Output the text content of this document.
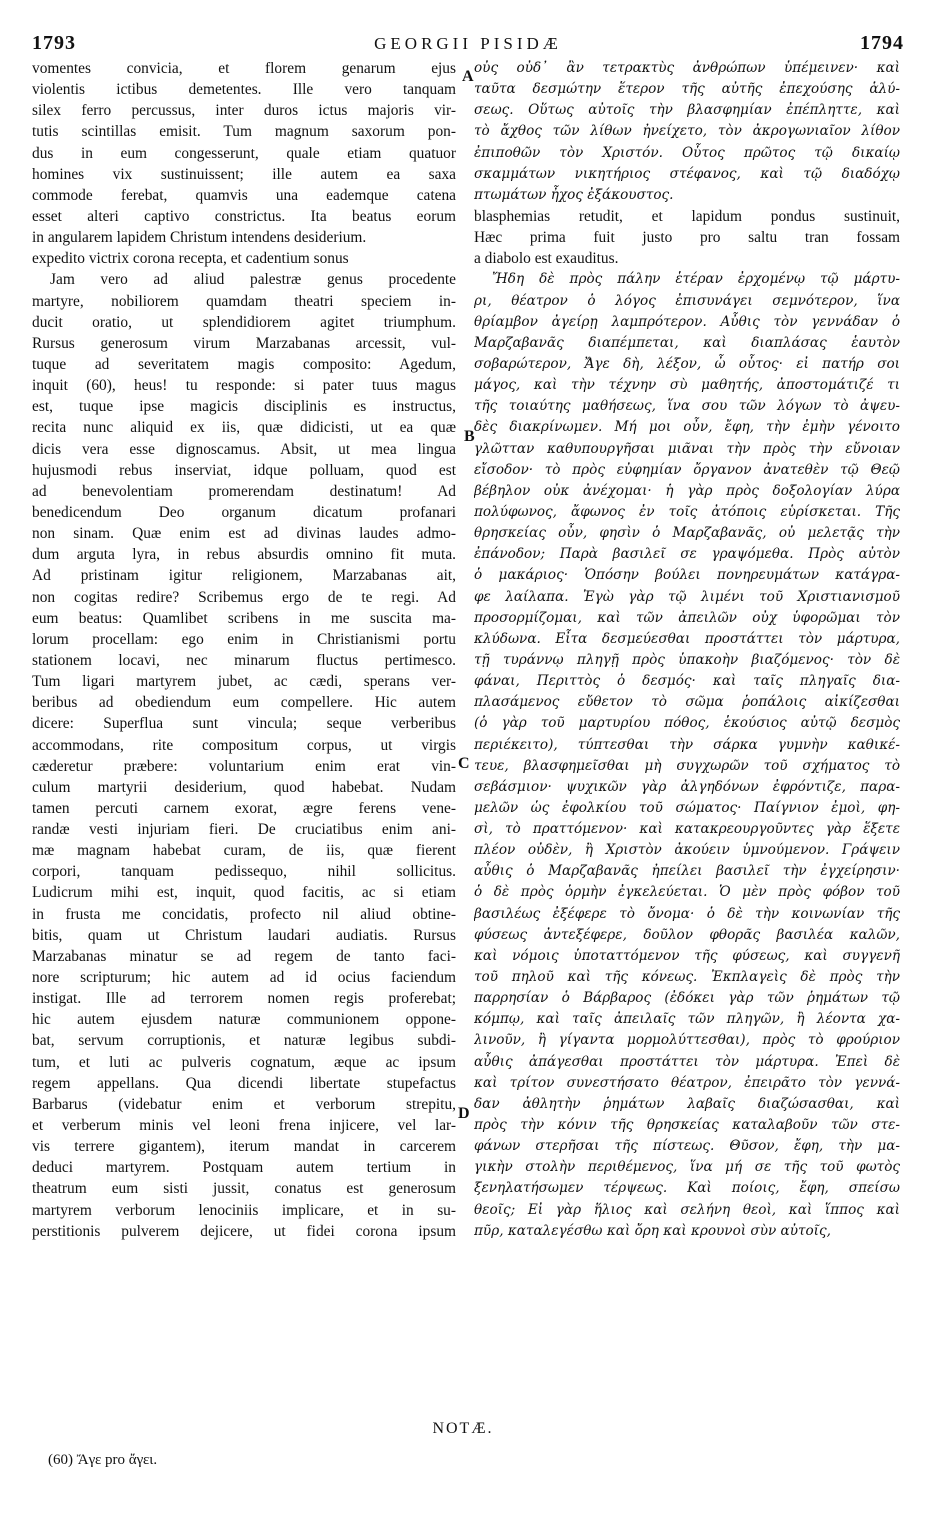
1793	GEORGII PISIDÆ	1794
vomentes convicia, et florem genarum ejus
violentis ictibus demetentes. Ille vero tanquam
silex ferro percussus, inter duros ictus majoris vir-
tutis scintillas emisit. Tum magnum saxorum pon-
dus in eum congesserunt, quale etiam quatuor
homines vix sustinuissent; ille autem ea saxa
commode ferebat, quamvis una eademque catena
esset alteri captivo constrictus. Ita beatus eorum
in angularem lapidem Christum intendens desiderium.
expedito victrix corona recepta, et cadentium sonus
Jam vero ad aliud palestræ genus procedente
martyre, nobiliorem quamdam theatri speciem in-
ducit oratio, ut splendidiorem agitet triumphum.
Rursus generosum virum Marzabanas arcessit, vul-
tuque ad severitatem magis composito: Agedum,
inquit (60), heus! tu responde: si pater tuus magus
est, tuque ipse magicis disciplinis es instructus,
recita nunc aliquid ex iis, quæ didicisti, ut ea quæ
dicis vera esse dignoscamus. Absit, ut mea lingua
hujusmodi rebus inserviat, idque polluam, quod est
ad benevolentiam promerendam destinatum! Ad
benedicendum Deo organum dicatum profanari
non sinam. Quæ enim est ad divinas laudes admo-
dum arguta lyra, in rebus absurdis omnino fit muta.
Ad pristinam igitur religionem, Marzabanas ait,
non cogitas redire? Scribemus ergo de te regi. Ad
eum beatus: Quamlibet scribens in me suscita ma-
lorum procellam: ego enim in Christianismi portu
stationem locavi, nec minarum fluctus pertimesco.
Tum ligari martyrem jubet, ac cædi, sperans ver-
beribus ad obediendum eum compellere. Hic autem
dicere: Superflua sunt vincula; seque verberibus
accommodans, rite compositum corpus, ut virgis
cæderetur præbere: voluntarium enim erat vin-
culum martyrii desiderium, quod habebat. Nudam
tamen percuti carnem exorat, ægre ferens vene-
randæ vesti injuriam fieri. De cruciatibus enim ani-
mæ magnam habebat curam, de iis, quæ fierent
corpori, tanquam pedissequo, nihil sollicitus.
Ludicrum mihi est, inquit, quod facitis, ac si etiam
in frusta me concidatis, profecto nil aliud obtine-
bitis, quam ut Christum laudari audiatis. Rursus
Marzabanas minatur se ad regem de tanto faci-
nore scripturum; hic autem ad id ocius faciendum
instigat. Ille ad terrorem nomen regis proferebat;
hic autem ejusdem naturæ communionem oppone-
bat, servum corruptionis, et naturæ legibus subdi-
tum, et luti ac pulveris cognatum, æque ac ipsum
regem appellans. Qua dicendi libertate stupefactus
Barbarus (videbatur enim et verborum strepitu,
et verberum minis vel leoni frena injicere, vel lar-
vis terrere gigantem), iterum mandat in carcerem
deduci martyrem. Postquam autem tertium in
theatrum eum sisti jussit, conatus est generosum
martyrem verborum lenociniis implicare, et in su-
perstitionis pulverem dejicere, ut fidei corona ipsum
οὐς οὐδ᾽ ἂν τετρακτὺς ἀνθρώπων ὑπέμεινεν· καὶ
ταῦτα δεσμώτην ἕτερον τῆς αὐτῆς ἐπεχούσης ἁλύ-
σεως. Οὕτως αὐτοῖς τὴν βλασφημίαν ἐπέπληττε, καὶ
τὸ ἄχθος τῶν λίθων ἠνείχετο, τὸν ἀκρογωνιαῖον λίθον
ἐπιποθῶν τὸν Χριστόν. Οὗτος πρῶτος τῷ δικαίῳ
σκαμμάτων νικητήριος στέφανος, καὶ τῷ διαδόχῳ
πτωμάτων ἦχος ἐξάκουστος.
blasphemias retudit, et lapidum pondus sustinuit,
Hæc prima fuit justo pro saltu tran fossam
a diabolo est exauditus.
Ἤδη δὲ πρὸς πάλην ἑτέραν ἐρχομένῳ τῷ μάρτυ-
ρι, θέατρον ὁ λόγος ἐπισυνάγει σεμνότερον, ἵνα
θρίαμβον ἀγείρῃ λαμπρότερον. Αὖθις τὸν γεννάδαν ὁ
Μαρζαβανᾶς διαπέμπεται, καὶ διαπλάσας ἑαυτὸν
σοβαρώτερον, Ἄγε δὴ, λέξον, ὦ οὗτος· εἰ πατήρ σοι
μάγος, καὶ τὴν τέχνην σὺ μαθητής, ἀποστομάτιζέ τι
τῆς τοιαύτης μαθήσεως, ἵνα σου τῶν λόγων τὸ ἀψευ-
δὲς διακρίνωμεν. Μή μοι οὖν, ἔφη, τὴν ἐμὴν γένοιτο
γλῶτταν καθυπουργῆσαι μιᾶναι τὴν πρὸς τὴν εὔνοιαν
εἴσοδον· τὸ πρὸς εὐφημίαν ὄργανον ἀνατεθὲν τῷ Θεῷ
βέβηλον οὐκ ἀνέχομαι· ἡ γὰρ πρὸς δοξολογίαν λύρα
πολύφωνος, ἄφωνος ἐν τοῖς ἀτόποις εὑρίσκεται. Τῆς
θρησκείας οὖν, φησὶν ὁ Μαρζαβανᾶς, οὐ μελετᾷς τὴν
ἐπάνοδον; Παρὰ βασιλεῖ σε γραψόμεθα. Πρὸς αὐτὸν
ὁ μακάριος· Ὁπόσην βούλει πονηρευμάτων κατάγρα-
φε λαίλαπα. Ἐγὼ γὰρ τῷ λιμένι τοῦ Χριστιανισμοῦ
προσορμίζομαι, καὶ τῶν ἀπειλῶν οὐχ ὑφορῶμαι τὸν
κλύδωνα. Εἶτα δεσμεύεσθαι προστάττει τὸν μάρτυρα,
τῇ τυράννῳ πληγῇ πρὸς ὑπακοὴν βιαζόμενος· τὸν δὲ
φάναι, Περιττὸς ὁ δεσμός· καὶ ταῖς πληγαῖς δια-
πλασάμενος εὔθετον τὸ σῶμα ῥοπάλοις αἰκίζεσθαι
(ὁ γὰρ τοῦ μαρτυρίου πόθος, ἑκούσιος αὐτῷ δεσμὸς
περιέκειτο), τύπτεσθαι τὴν σάρκα γυμνὴν καθικέ-
τευε, βλασφημεῖσθαι μὴ συγχωρῶν τοῦ σχήματος τὸ
σεβάσμιον· ψυχικῶν γὰρ ἀλγηδόνων ἐφρόντιζε, παρα-
μελῶν ὡς ἐφολκίου τοῦ σώματος· Παίγνιον ἐμοὶ, φη-
σὶ, τὸ πραττόμενον· καὶ κατακρεουργοῦντες γὰρ ἕξετε
πλέον οὐδὲν, ἢ Χριστὸν ἀκούειν ὑμνούμενον. Γράψειν
αὖθις ὁ Μαρζαβανᾶς ἠπείλει βασιλεῖ τὴν ἐγχείρησιν·
ὁ δὲ πρὸς ὁρμὴν ἐγκελεύεται. Ὁ μὲν πρὸς φόβον τοῦ
βασιλέως ἐξέφερε τὸ ὄνομα· ὁ δὲ τὴν κοινωνίαν τῆς
φύσεως ἀντεξέφερε, δοῦλον φθορᾶς βασιλέα καλῶν,
καὶ νόμοις ὑποταττόμενον τῆς φύσεως, καὶ συγγενῆ
τοῦ πηλοῦ καὶ τῆς κόνεως. Ἐκπλαγεὶς δὲ πρὸς τὴν
παρρησίαν ὁ Βάρβαρος (ἐδόκει γὰρ τῶν ῥημάτων τῷ
κόμπῳ, καὶ ταῖς ἀπειλαῖς τῶν πληγῶν, ἢ λέοντα χα-
λινοῦν, ἢ γίγαντα μορμολύττεσθαι), πρὸς τὸ φρούριον
αὖθις ἀπάγεσθαι προστάττει τὸν μάρτυρα. Ἐπεὶ δὲ
καὶ τρίτον συνεστήσατο θέατρον, ἐπειρᾶτο τὸν γεννά-
δαν ἀθλητὴν ῥημάτων λαβαῖς διαζώσασθαι, καὶ
πρὸς τὴν κόνιν τῆς θρησκείας καταλαβοῦν τῶν στε-
φάνων στερῆσαι τῆς πίστεως. Θῦσον, ἔφη, τὴν μα-
γικὴν στολὴν περιθέμενος, ἵνα μή σε τῆς τοῦ φωτὸς
ξενηλατήσωμεν τέρψεως. Καὶ ποίοις, ἔφη, σπείσω
θεοῖς; Εἰ γὰρ ἥλιος καὶ σελήνη θεοὶ, καὶ ἵππος καὶ
πῦρ, καταλεγέσθω καὶ ὄρη καὶ κρουνοὶ σὺν αὐτοῖς,
A
B
C
D
NOTÆ.
(60) Ἄγε pro ἄγει.
